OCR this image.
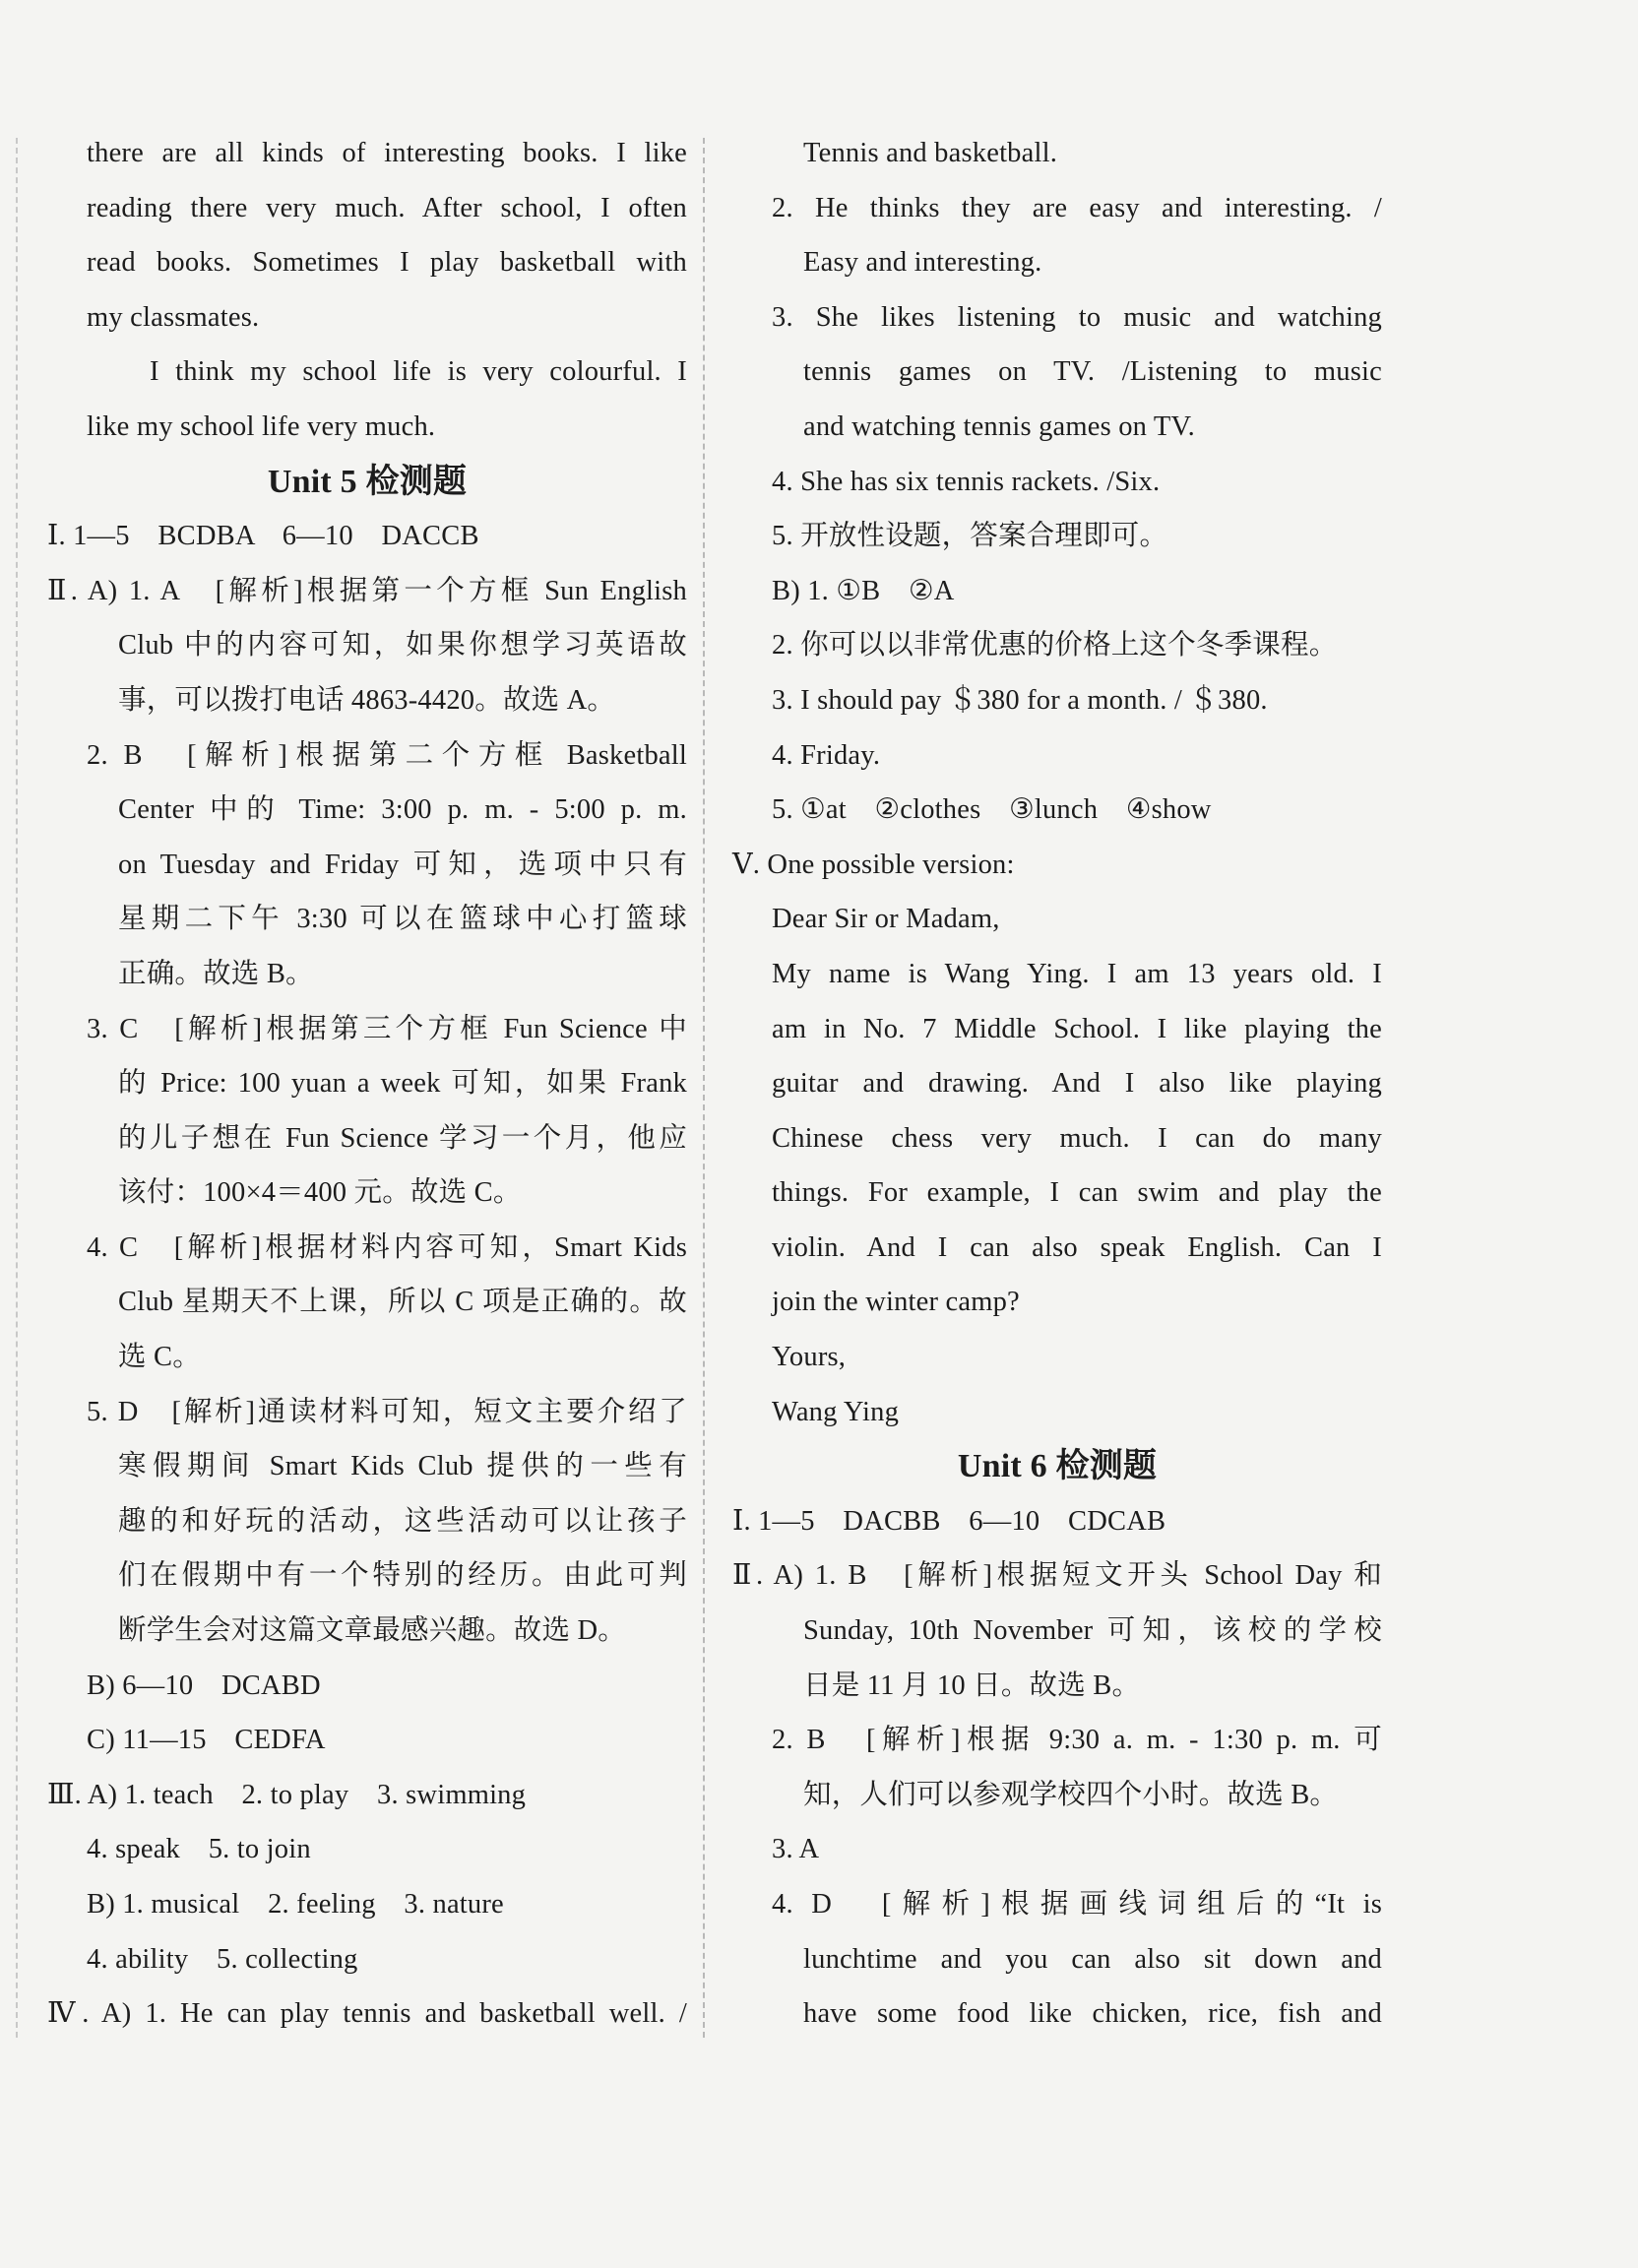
there are all kinds of interesting books. I like
reading there very much. After school, I often
read books. Sometimes I play basketball with
my classmates.
I think my school life is very colourful. I
like my school life very much.
Unit 5 检测题
Ⅰ. 1—5　BCDBA　6—10　DACCB
Ⅱ. A) 1. A　[解析]根据第一个方框 Sun English
Club 中的内容可知，如果你想学习英语故
事，可以拨打电话 4863-4420。故选 A。
2. B　[解析]根据第二个方框 Basketball
Center 中的 Time: 3:00 p. m. - 5:00 p. m.
on Tuesday and Friday 可知，选项中只有
星期二下午 3:30 可以在篮球中心打篮球
正确。故选 B。
3. C　[解析]根据第三个方框 Fun Science 中
的 Price: 100 yuan a week 可知，如果 Frank
的儿子想在 Fun Science 学习一个月，他应
该付：100×4＝400 元。故选 C。
4. C　[解析]根据材料内容可知，Smart Kids
Club 星期天不上课，所以 C 项是正确的。故
选 C。
5. D　[解析]通读材料可知，短文主要介绍了
寒假期间 Smart Kids Club 提供的一些有
趣的和好玩的活动，这些活动可以让孩子
们在假期中有一个特别的经历。由此可判
断学生会对这篇文章最感兴趣。故选 D。
B) 6—10　DCABD
C) 11—15　CEDFA
Ⅲ. A) 1. teach　2. to play　3. swimming
4. speak　5. to join
B) 1. musical　2. feeling　3. nature
4. ability　5. collecting
Ⅳ. A) 1. He can play tennis and basketball well. /
Tennis and basketball.
2. He thinks they are easy and interesting. /
Easy and interesting.
3. She likes listening to music and watching
tennis games on TV. /Listening to music
and watching tennis games on TV.
4. She has six tennis rackets. /Six.
5. 开放性设题，答案合理即可。
B) 1. ①B　②A
2. 你可以以非常优惠的价格上这个冬季课程。
3. I should pay ＄380 for a month. / ＄380.
4. Friday.
5. ①at　②clothes　③lunch　④show
Ⅴ. One possible version:
Dear Sir or Madam,
My name is Wang Ying. I am 13 years old. I
am in No. 7 Middle School. I like playing the
guitar and drawing. And I also like playing
Chinese chess very much. I can do many
things. For example, I can swim and play the
violin. And I can also speak English. Can I
join the winter camp?
Yours,
Wang Ying
Unit 6 检测题
Ⅰ. 1—5　DACBB　6—10　CDCAB
Ⅱ. A) 1. B　[解析]根据短文开头 School Day 和
Sunday, 10th November 可知，该校的学校
日是 11 月 10 日。故选 B。
2. B　[解析]根据 9:30 a. m. - 1:30 p. m. 可
知，人们可以参观学校四个小时。故选 B。
3. A
4. D　[解析]根据画线词组后的“It is
lunchtime and you can also sit down and
have some food like chicken, rice, fish and
